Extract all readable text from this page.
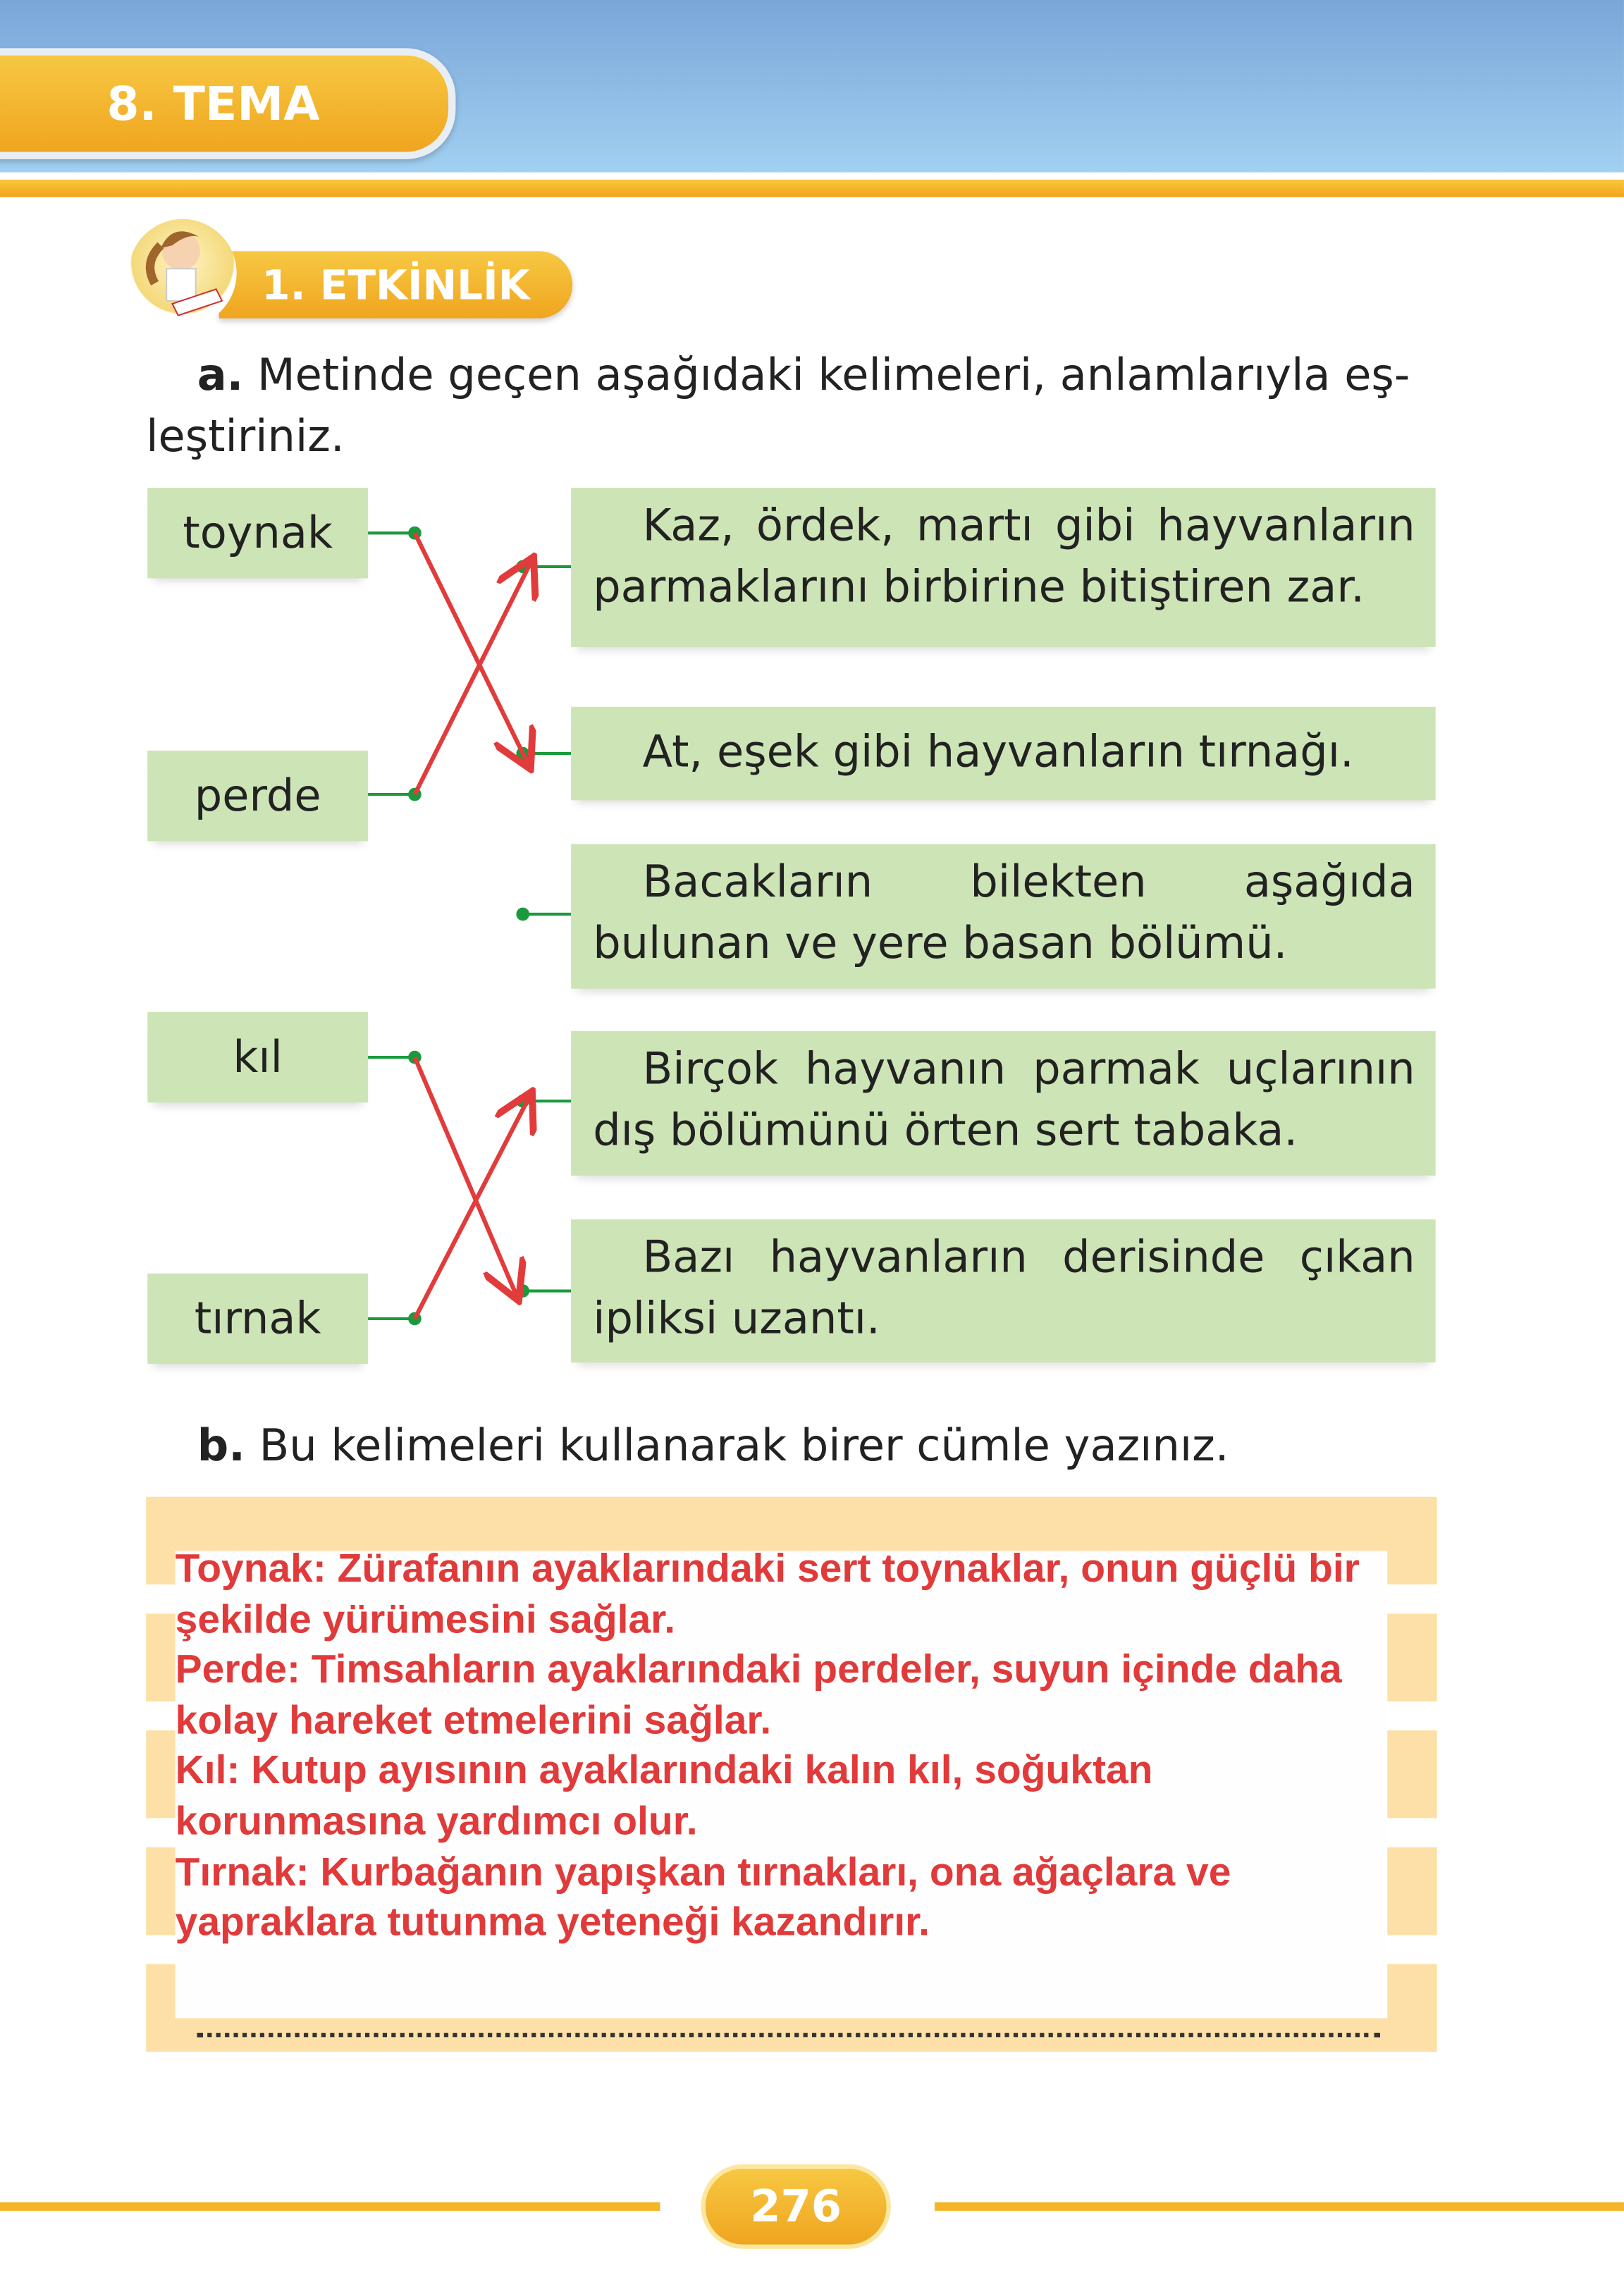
8. TEMA
1. ETKİNLİK
a. Metinde geçen aşağıdaki kelimeleri, anlamlarıyla eş-
leştiriniz.
toynak
perde
kıl
tırnak
Kaz, ördek, martı gibi hayvanların parmaklarını birbirine bitiştiren zar.
At, eşek gibi hayvanların tırnağı.
Bacakların bilekten aşağıda bulunan ve yere basan bölümü.
Birçok hayvanın parmak uçlarının dış bölümünü örten sert tabaka.
Bazı hayvanların derisinde çıkan ipliksi uzantı.
b. Bu kelimeleri kullanarak birer cümle yazınız.
Toynak: Zürafanın ayaklarındaki sert toynaklar, onun güçlü bir şekilde yürümesini sağlar.
Perde: Timsahların ayaklarındaki perdeler, suyun içinde daha kolay hareket etmelerini sağlar.
Kıl: Kutup ayısının ayaklarındaki kalın kıl, soğuktan korunmasına yardımcı olur.
Tırnak: Kurbağanın yapışkan tırnakları, ona ağaçlara ve yapraklara tutunma yeteneği kazandırır.
276
